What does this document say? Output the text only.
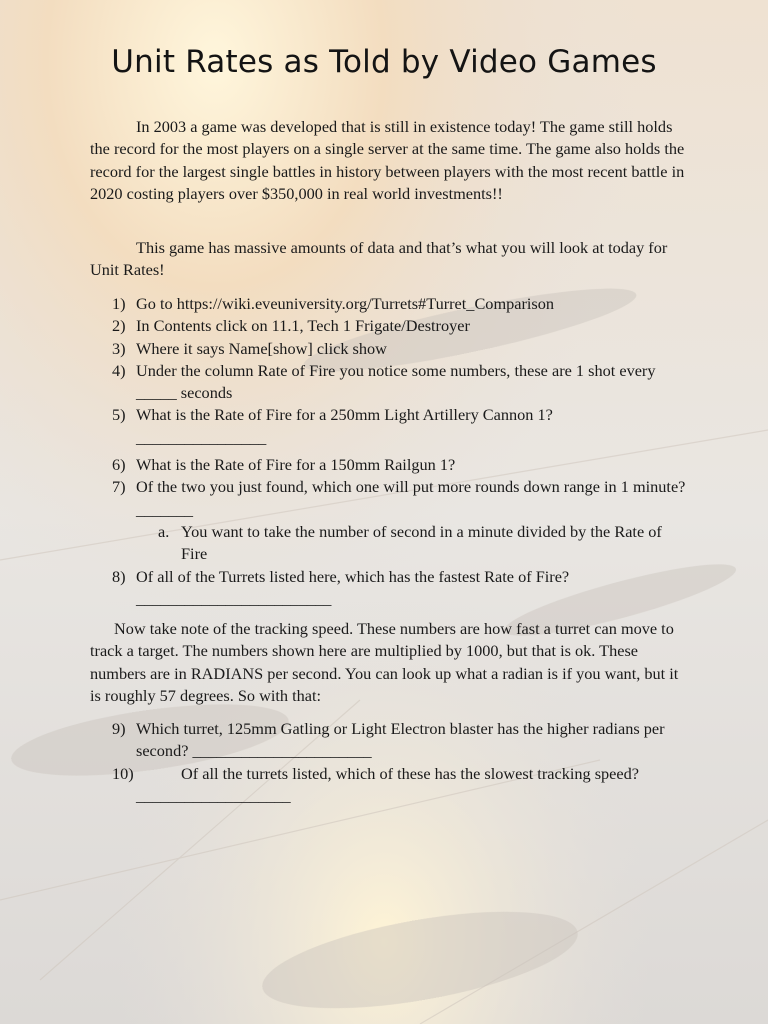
Unit Rates as Told by Video Games

In 2003 a game was developed that is still in existence today! The game still holds the record for the most players on a single server at the same time. The game also holds the record for the largest single battles in history between players with the most recent battle in 2020 costing players over $350,000 in real world investments!!

This game has massive amounts of data and that’s what you will look at today for Unit Rates!

1) Go to https://wiki.eveuniversity.org/Turrets#Turret_Comparison
2) In Contents click on 11.1, Tech 1 Frigate/Destroyer
3) Where it says Name[show] click show
4) Under the column Rate of Fire you notice some numbers, these are 1 shot every _____ seconds
5) What is the Rate of Fire for a 250mm Light Artillery Cannon 1? ________________
6) What is the Rate of Fire for a 150mm Railgun 1?
7) Of the two you just found, which one will put more rounds down range in 1 minute? _______
a. You want to take the number of second in a minute divided by the Rate of Fire
8) Of all of the Turrets listed here, which has the fastest Rate of Fire? ________________________

Now take note of the tracking speed. These numbers are how fast a turret can move to track a target. The numbers shown here are multiplied by 1000, but that is ok. These numbers are in RADIANS per second. You can look up what a radian is if you want, but it is roughly 57 degrees. So with that:

9) Which turret, 125mm Gatling or Light Electron blaster has the higher radians per second? ______________________
10)	Of all the turrets listed, which of these has the slowest tracking speed? ___________________
